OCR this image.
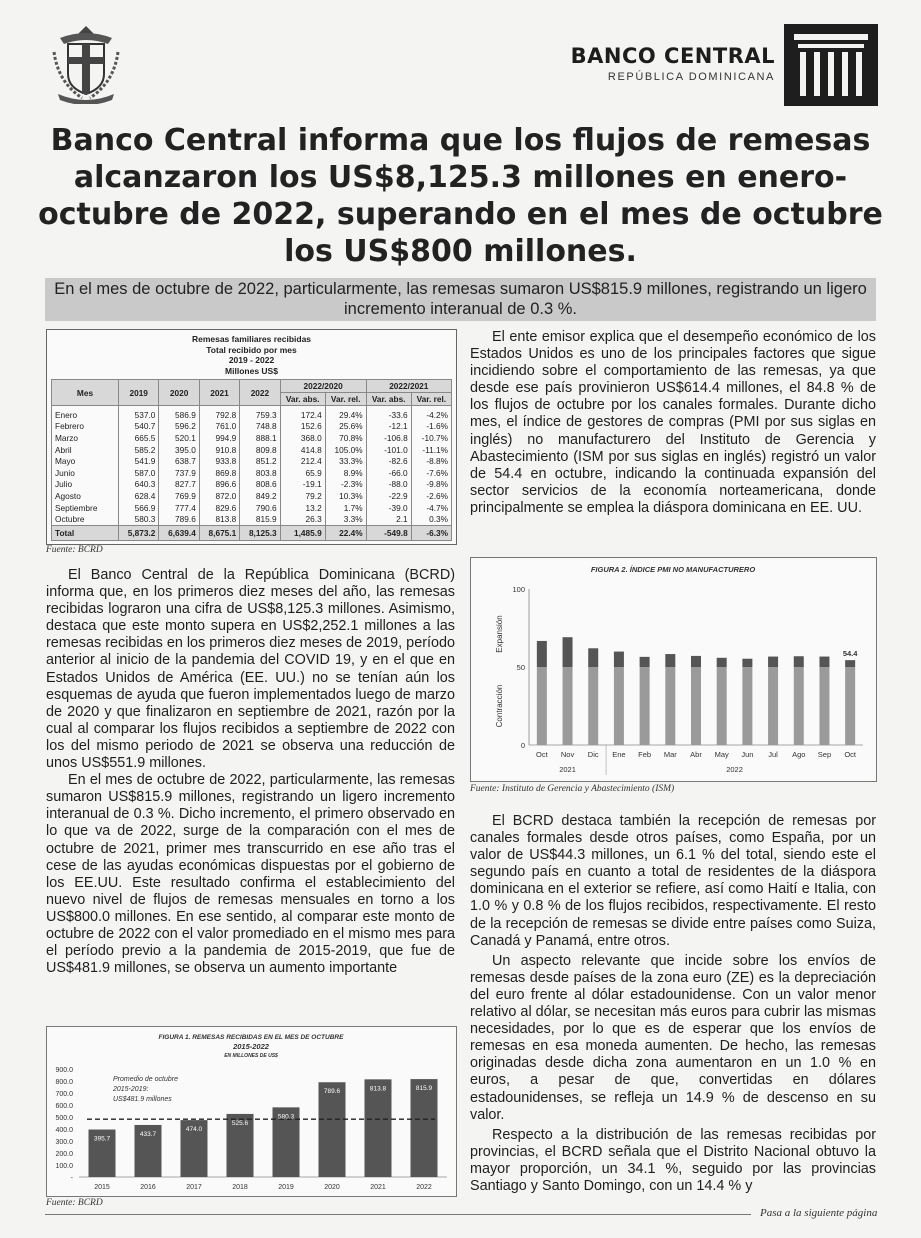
BANCO CENTRAL
REPÚBLICA DOMINICANA
Banco Central informa que los flujos de remesas alcanzaron los US$8,125.3 millones en enero-octubre de 2022, superando en el mes de octubre los US$800 millones.
En el mes de octubre de 2022, particularmente, las remesas sumaron US$815.9 millones, registrando un ligero incremento interanual de 0.3 %.
Remesas familiares recibidas
Total recibido por mes
2019 - 2022
Millones US$
Mes	2019	2020	2021	2022	2022/2020		2022/2021	
					Var. abs.	Var. rel.	Var. abs.	Var. rel.
Enero	537.0	586.9	792.8	759.3	172.4	29.4%	-33.6	-4.2%
Febrero	540.7	596.2	761.0	748.8	152.6	25.6%	-12.1	-1.6%
Marzo	665.5	520.1	994.9	888.1	368.0	70.8%	-106.8	-10.7%
Abril	585.2	395.0	910.8	809.8	414.8	105.0%	-101.0	-11.1%
Mayo	541.9	638.7	933.8	851.2	212.4	33.3%	-82.6	-8.8%
Junio	587.0	737.9	869.8	803.8	65.9	8.9%	-66.0	-7.6%
Julio	640.3	827.7	896.6	808.6	-19.1	-2.3%	-88.0	-9.8%
Agosto	628.4	769.9	872.0	849.2	79.2	10.3%	-22.9	-2.6%
Septiembre	566.9	777.4	829.6	790.6	13.2	1.7%	-39.0	-4.7%
Octubre	580.3	789.6	813.8	815.9	26.3	3.3%	2.1	0.3%
Total	5,873.2	6,639.4	8,675.1	8,125.3	1,485.9	22.4%	-549.8	-6.3%
Fuente: BCRD

El Banco Central de la República Dominicana (BCRD) informa que, en los primeros diez meses del año, las remesas recibidas lograron una cifra de US$8,125.3 millones. Asimismo, destaca que este monto supera en US$2,252.1 millones a las remesas recibidas en los primeros diez meses de 2019, período anterior al inicio de la pandemia del COVID 19, y en el que en Estados Unidos de América (EE. UU.) no se tenían aún los esquemas de ayuda que fueron implementados luego de marzo de 2020 y que finalizaron en septiembre de 2021, razón por la cual al comparar los flujos recibidos a septiembre de 2022 con los del mismo periodo de 2021 se observa una reducción de unos US$551.9 millones.

En el mes de octubre de 2022, particularmente, las remesas sumaron US$815.9 millones, registrando un ligero incremento interanual de 0.3 %. Dicho incremento, el primero observado en lo que va de 2022, surge de la comparación con el mes de octubre de 2021, primer mes transcurrido en ese año tras el cese de las ayudas económicas dispuestas por el gobierno de los EE.UU. Este resultado confirma el establecimiento del nuevo nivel de flujos de remesas mensuales en torno a los US$800.0 millones. En ese sentido, al comparar este monto de octubre de 2022 con el valor promediado en el mismo mes para el período previo a la pandemia de 2015-2019, que fue de US$481.9 millones, se observa un aumento importante

FIGURA 1. REMESAS RECIBIDAS EN EL MES DE OCTUBRE
2015-2022
EN MILLONES DE US$
-
100.0
200.0
300.0
400.0
500.0
600.0
700.0
800.0
900.0
395.7
2015
433.7
2016
474.0
2017
525.6
2018
580.3
2019
789.6
2020
813.8
2021
815.9
2022
Promedio de octubre
2015-2019:
US$481.9 millones
Fuente: BCRD

El ente emisor explica que el desempeño económico de los Estados Unidos es uno de los principales factores que sigue incidiendo sobre el comportamiento de las remesas, ya que desde ese país provinieron US$614.4 millones, el 84.8 % de los flujos de octubre por los canales formales. Durante dicho mes, el índice de gestores de compras (PMI por sus siglas en inglés) no manufacturero del Instituto de Gerencia y Abastecimiento (ISM por sus siglas en inglés) registró un valor de 54.4 en octubre, indicando la continuada expansión del sector servicios de la economía norteamericana, donde principalmente se emplea la diáspora dominicana en EE. UU.

FIGURA 2. ÍNDICE PMI NO MANUFACTURERO
0
50
100
Oct Nov Dic Ene Feb Mar Abr May Jun Jul Ago Sep Oct
54.4
2021	2022
Expansión
Contracción
Fuente: Instituto de Gerencia y Abastecimiento (ISM)

El BCRD destaca también la recepción de remesas por canales formales desde otros países, como España, por un valor de US$44.3 millones, un 6.1 % del total, siendo este el segundo país en cuanto a total de residentes de la diáspora dominicana en el exterior se refiere, así como Haití e Italia, con 1.0 % y 0.8 % de los flujos recibidos, respectivamente. El resto de la recepción de remesas se divide entre países como Suiza, Canadá y Panamá, entre otros.

Un aspecto relevante que incide sobre los envíos de remesas desde países de la zona euro (ZE) es la depreciación del euro frente al dólar estadounidense. Con un valor menor relativo al dólar, se necesitan más euros para cubrir las mismas necesidades, por lo que es de esperar que los envíos de remesas en esa moneda aumenten. De hecho, las remesas originadas desde dicha zona aumentaron en un 1.0 % en euros, a pesar de que, convertidas en dólares estadounidenses, se refleja un 14.9 % de descenso en su valor.

Respecto a la distribución de las remesas recibidas por provincias, el BCRD señala que el Distrito Nacional obtuvo la mayor proporción, un 34.1 %, seguido por las provincias Santiago y Santo Domingo, con un 14.4 % y

Pasa a la siguiente página
